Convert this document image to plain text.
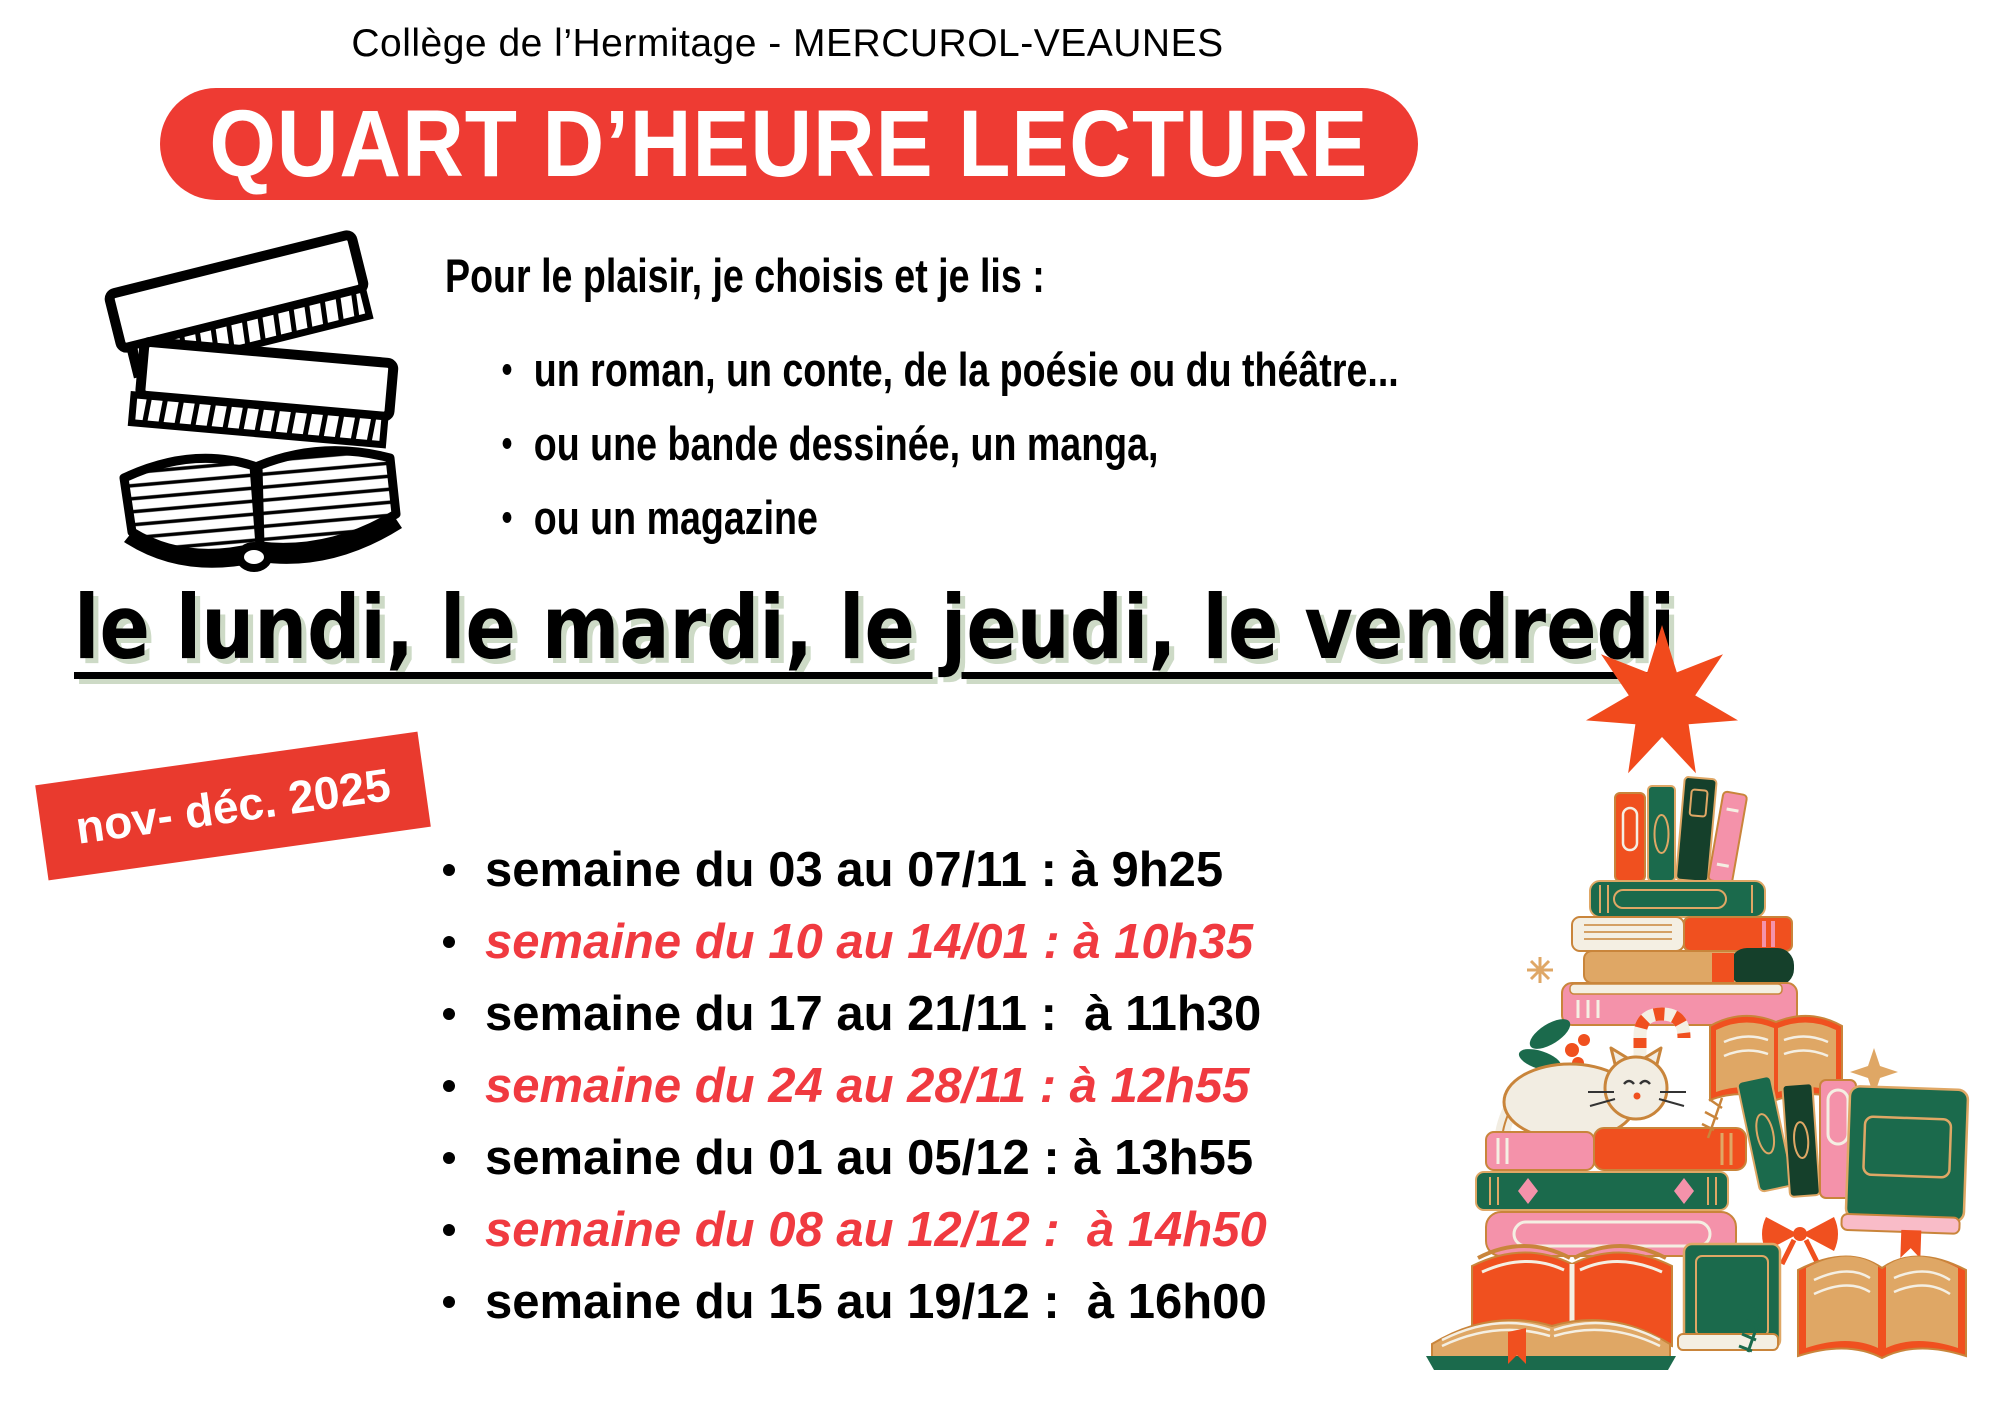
Collège de l’Hermitage - MERCUROL-VEAUNES
QUART D’HEURE LECTURE
Pour le plaisir, je choisis et je lis :
un roman, un conte, de la poésie ou du théâtre...
ou une bande dessinée, un manga,
ou un magazine
le lundi, le mardi, le jeudi, le vendredi
nov- déc. 2025
semaine du 03 au 07/11 : à 9h25
semaine du 10 au 14/01 : à 10h35
semaine du 17 au 21/11 :  à 11h30
semaine du 24 au 28/11 : à 12h55
semaine du 01 au 05/12 : à 13h55
semaine du 08 au 12/12 :  à 14h50
semaine du 15 au 19/12 :  à 16h00
